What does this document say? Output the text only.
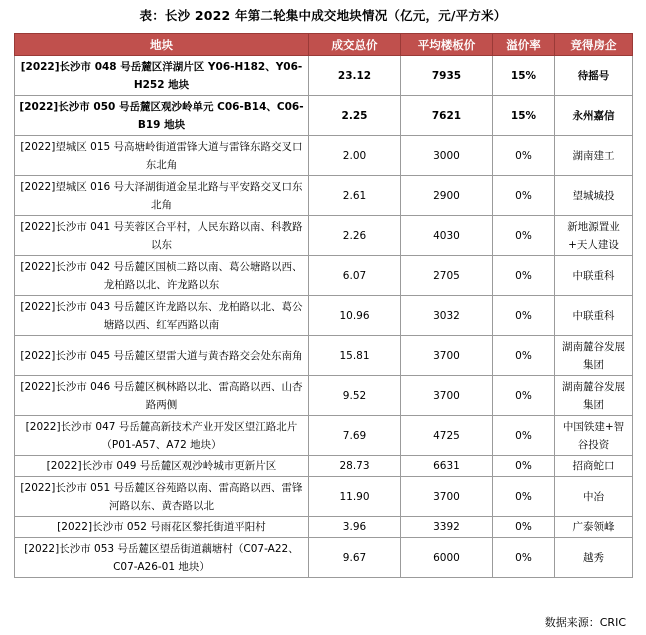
表：长沙 2022 年第二轮集中成交地块情况（亿元，元/平方米）
地块	成交总价	平均楼板价	溢价率	竞得房企
[2022]长沙市 048 号岳麓区洋湖片区 Y06-H182、Y06-H252 地块	23.12	7935	15%	待摇号
[2022]长沙市 050 号岳麓区观沙岭单元 C06-B14、C06-B19 地块	2.25	7621	15%	永州嘉信
[2022]望城区 015 号高塘岭街道雷锋大道与雷锋东路交叉口东北角	2.00	3000	0%	湖南建工
[2022]望城区 016 号大泽湖街道金星北路与平安路交叉口东北角	2.61	2900	0%	望城城投
[2022]长沙市 041 号芙蓉区合平村，人民东路以南、科教路以东	2.26	4030	0%	新地源置业+天人建设
[2022]长沙市 042 号岳麓区国桢二路以南、葛公塘路以西、龙柏路以北、许龙路以东	6.07	2705	0%	中联重科
[2022]长沙市 043 号岳麓区许龙路以东、龙柏路以北、葛公塘路以西、红军西路以南	10.96	3032	0%	中联重科
[2022]长沙市 045 号岳麓区望雷大道与黄杏路交会处东南角	15.81	3700	0%	湖南麓谷发展集团
[2022]长沙市 046 号岳麓区枫林路以北、雷高路以西、山杏路两侧	9.52	3700	0%	湖南麓谷发展集团
[2022]长沙市 047 号岳麓高新技术产业开发区望江路北片（P01-A57、A72 地块）	7.69	4725	0%	中国铁建+智谷投资
[2022]长沙市 049 号岳麓区观沙岭城市更新片区	28.73	6631	0%	招商蛇口
[2022]长沙市 051 号岳麓区谷苑路以南、雷高路以西、雷锋河路以东、黄杏路以北	11.90	3700	0%	中冶
[2022]长沙市 052 号雨花区黎托街道平阳村	3.96	3392	0%	广泰领峰
[2022]长沙市 053 号岳麓区望岳街道藕塘村（C07-A22、C07-A26-01 地块）	9.67	6000	0%	越秀
数据来源：CRIC
